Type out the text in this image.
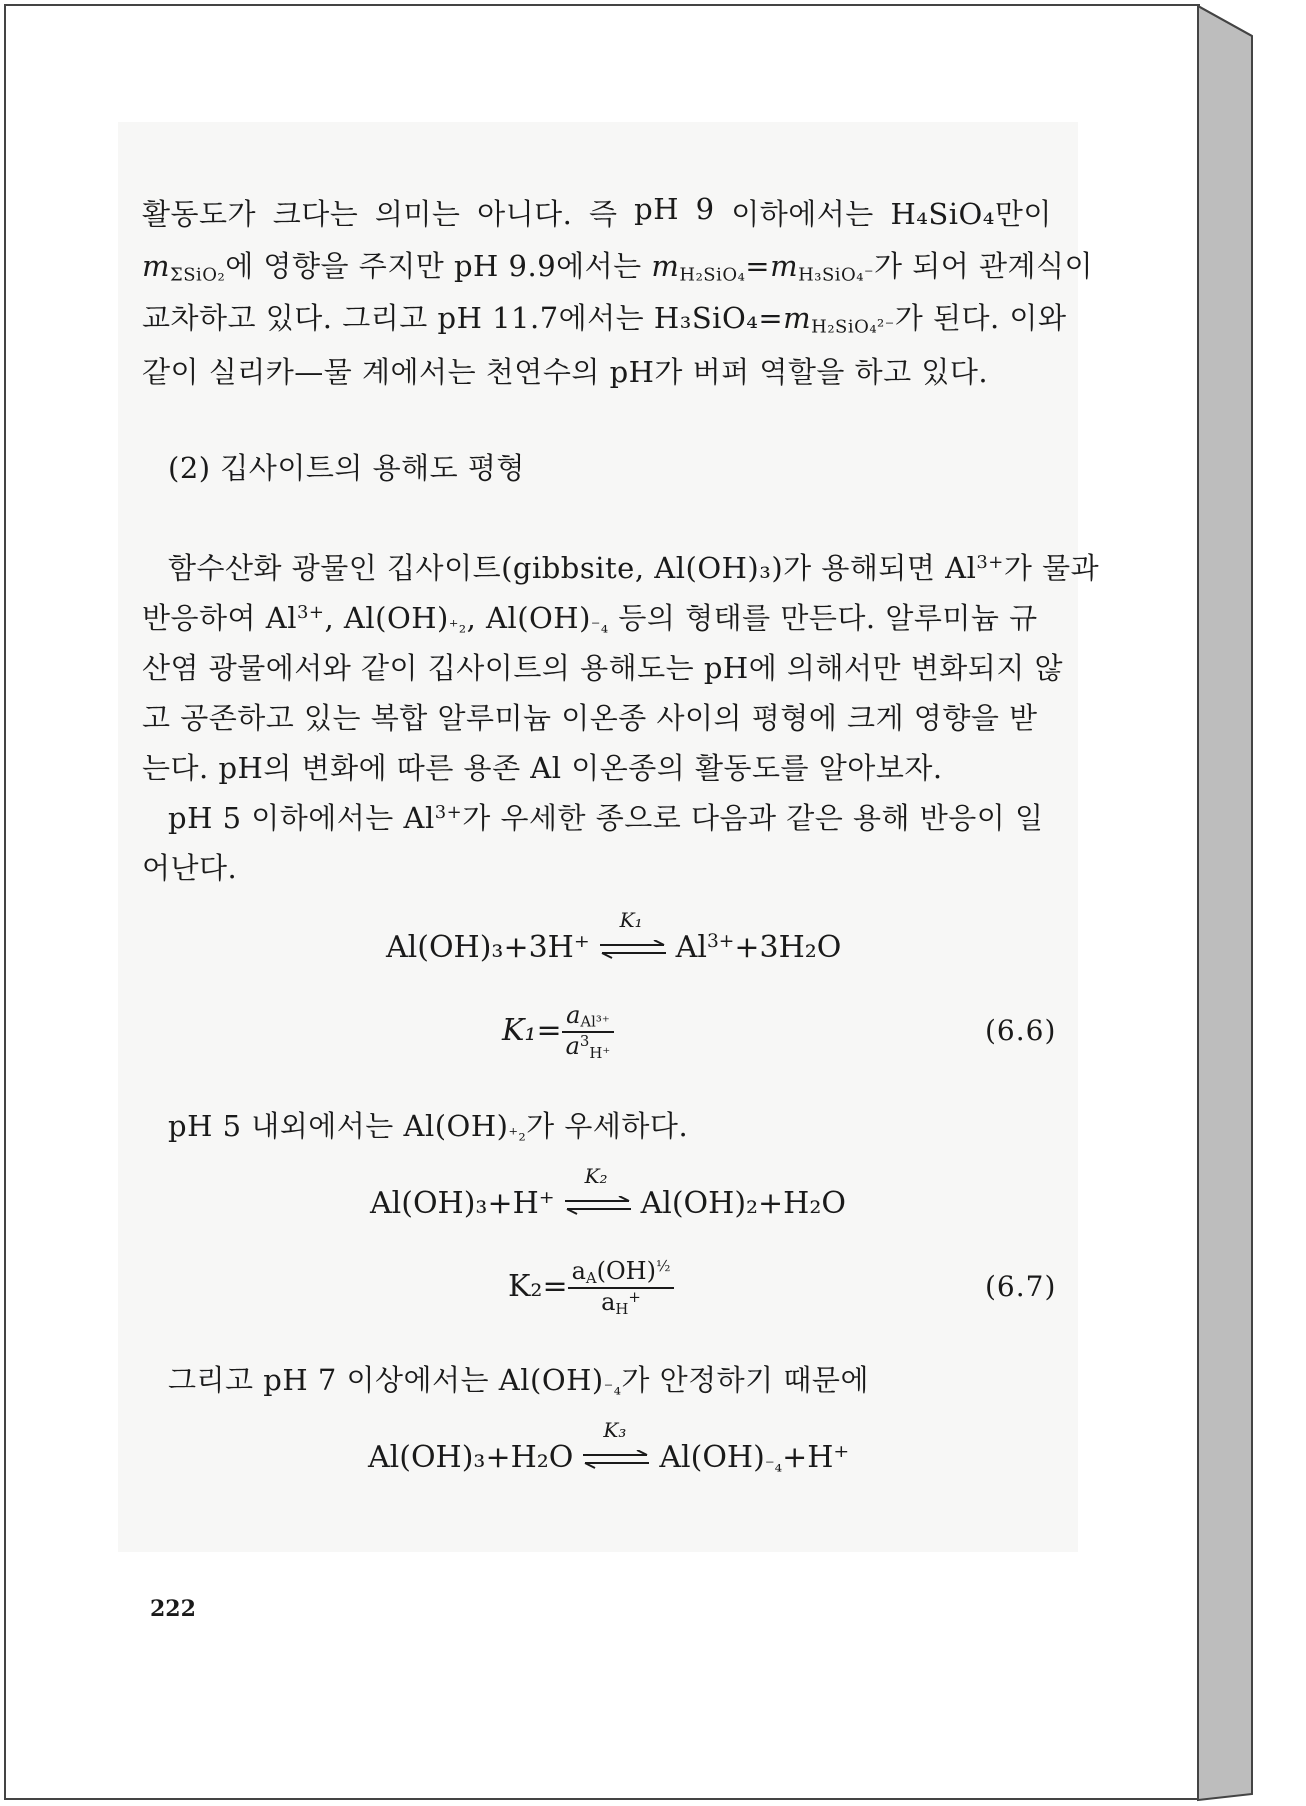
활동도가 크다는 의미는 아니다. 즉 pH 9 이하에서는 H₄SiO₄만이
$m_{\Sigma SiO_2}$에 영향을 주지만 pH 9.9에서는 $m_{H_2SiO_4}=m_{H_3SiO_4^-}$가 되어 관계식이
교차하고 있다. 그리고 pH 11.7에서는 $H_3SiO_4=m_{H_2SiO_4^{2-}}$가 된다. 이와
같이 실리카—물 계에서는 천연수의 pH가 버퍼 역할을 하고 있다.
(2) 깁사이트의 용해도 평형
함수산화 광물인 깁사이트(gibbsite, Al(OH)₃)가 용해되면 $Al^{3+}$가 물과
반응하여 $Al^{3+}$, $Al(OH)_{^+_2}$, $Al(OH)_{^-_4}$ 등의 형태를 만든다. 알루미늄 규
산염 광물에서와 같이 깁사이트의 용해도는 pH에 의해서만 변화되지 않
고 공존하고 있는 복합 알루미늄 이온종 사이의 평형에 크게 영향을 받
는다. pH의 변화에 따른 용존 Al 이온종의 활동도를 알아보자.
pH 5 이하에서는 $Al^{3+}$가 우세한 종으로 다음과 같은 용해 반응이 일
어난다.
Al(OH)₃+3H⁺
K₁
$Al^{3+}+3H_2O$
$K_1= \frac{a_{Al^{3+}}}{a^3_{H^+}}$	(6.6)
pH 5 내외에서는 $Al(OH)_{^+_2}$가 우세하다.
Al(OH)₃+H⁺
K₂
Al(OH)₂+H₂O
$K_2= \frac{a_A(OH)^{\frac{1}{2}}}{a_H^+}$	(6.7)
그리고 pH 7 이상에서는 $Al(OH)_{^-_4}$가 안정하기 때문에
Al(OH)₃+H₂O
K₃
$Al(OH)_{^-_4}+H^+$
222
